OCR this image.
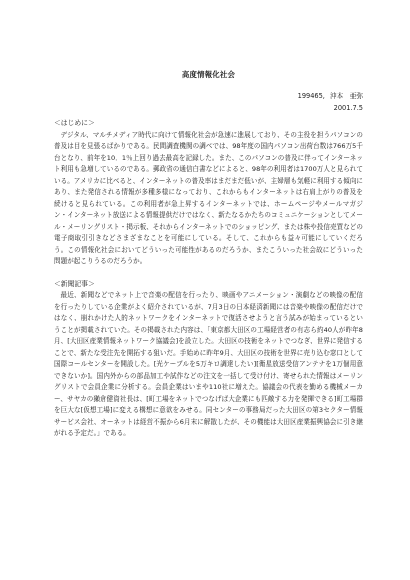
高度情報化社会
199465, 沖本　亜弥
2001.7.5
＜はじめに＞

デジタル、マルチメディア時代に向けて情報化社会が急速に進展しており、その主役を担うパソコンの普及は目を見張るばかりである。民間調査機関の調べでは、98年度の国内パソコン出荷台数は766万5千台となり、前年を10．1％上回り過去最高を記録した。また、このパソコンの普及に伴ってインターネット利用も急増しているのである。郵政省の通信白書などによると、98年の利用者は1700万人と見られている。アメリカに比べると、インターネットの普及率はまだまだ低いが、主婦層も気軽に利用する傾向にあり、また発信される情報が多種多様になっており、これからもインターネットは右肩上がりの普及を続けると見られている。この利用者が急上昇するインターネットでは、ホームページやメールマガジン・インターネット放送による情報提供だけではなく、新たなるかたちのコミュニケーションとしてメール・メーリングリスト・掲示板、それからインターネットでのショッピング、または株や投信売買などの電子商取引引きなどさまざまなことを可能にしている。そして、これからも益々可能にしていくだろう。この情報化社会においてどういった可能性があるのだろうか、またこういった社会故にどういった問題が起こりうるのだろうか。

＜新聞記事＞

最近、新聞などでネット上で音楽の配信を行ったり、映画やアニメーション・演劇などの映像の配信を行ったりしている企業がよく紹介されているが、7月3日の日本経済新聞には音楽や映像の配信だけではなく、崩れかけた人的ネットワークをインターネットで復活させようと言う試みが始まっているということが掲載されていた。その掲載された内容は、「東京都大田区の工場経営者の有志ら約40人が昨年8月、[大田区産業情報ネットワーク協議会]を設立した。大田区の技術をネットでつなぎ、世界に発信することで、新たな受注先を開拓する狙いだ。手始めに昨年9月、大田区の技術を世界に売り込む窓口として国際コールセンターを開設した。[光ケーブルを5万キロ調達したい][衛星放送受信アンテナを1万個用意できないか]。国内外からの部品加工や試作などの注文を一括して受け付け、寄せられた情報はメーリングリストで会員企業に分析する。会員企業はいまや110社に増えた。協議会の代表を勤める機械メーカー、サヤカの獺倉健資社長は、[町工場をネットでつなげば大企業にも匹敵する力を発揮できる]町工場群を巨大な[仮想工場]に変える構想に意欲をみせる。同センターの事務局だった大田区の第3セクター情報サービス会社、オーネットは経営不振から6月末に解散したが、その機能は大田区産業振興協会に引き継がれる予定だ。」である。
